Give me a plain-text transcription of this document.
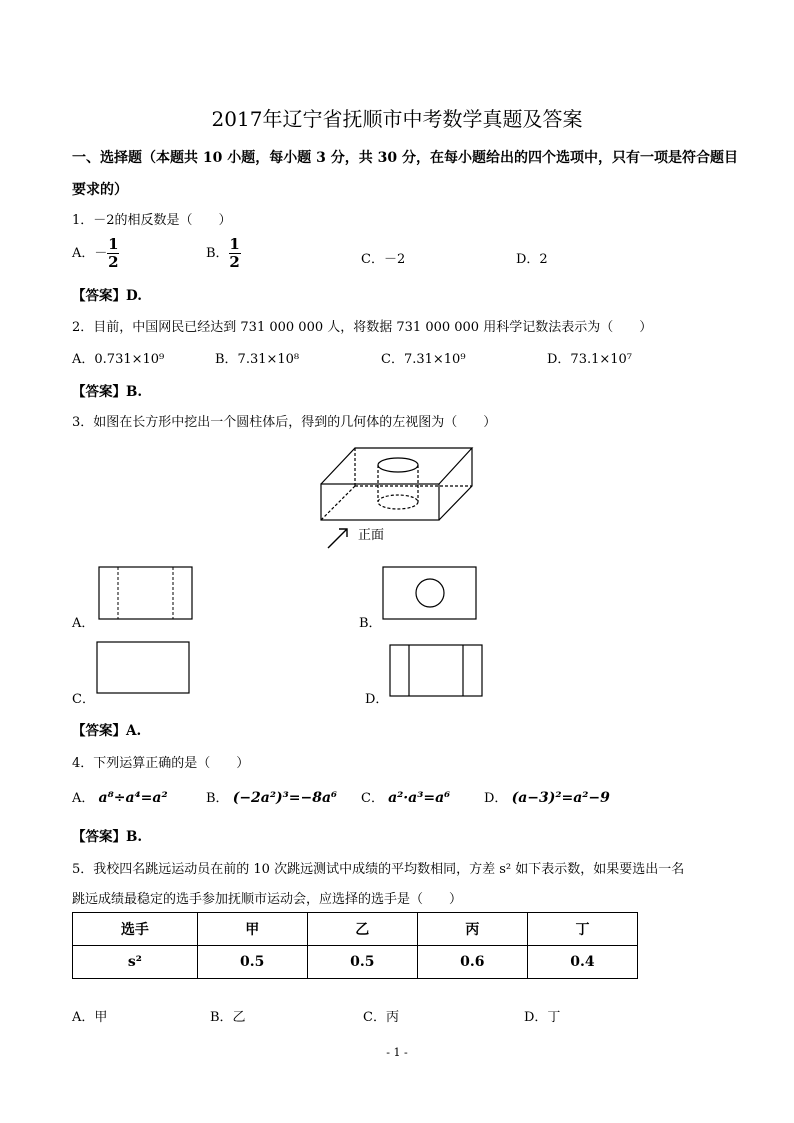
2017年辽宁省抚顺市中考数学真题及答案
一、选择题（本题共 10 小题，每小题 3 分，共 30 分，在每小题给出的四个选项中，只有一项是符合题目
要求的）
1．－2的相反数是（　　）
A．－ $\frac{1}{2}$	B． $\frac{1}{2}$	C．－2	D．2
【答案】D.
2．目前，中国网民已经达到 731 000 000 人，将数据 731 000 000 用科学记数法表示为（　　）
A．0.731×10⁹	B．7.31×10⁸	C．7.31×10⁹	D．73.1×10⁷
【答案】B.
3．如图在长方形中挖出一个圆柱体后，得到的几何体的左视图为（　　）
正面
A．	B．
C．	D．
【答案】A.
4．下列运算正确的是（　　）
A． a⁸÷a⁴=a²	B． (−2a²)³=−8a⁶ C． a²·a³=a⁶	D． (a−3)²=a²−9
【答案】B.
5．我校四名跳远运动员在前的 10 次跳远测试中成绩的平均数相同，方差 s² 如下表示数，如果要选出一名
跳远成绩最稳定的选手参加抚顺市运动会，应选择的选手是（　　）
选手	甲	乙	丙	丁
s²	0.5	0.5	0.6	0.4
A．甲	B．乙	C．丙	D．丁
- 1 -
